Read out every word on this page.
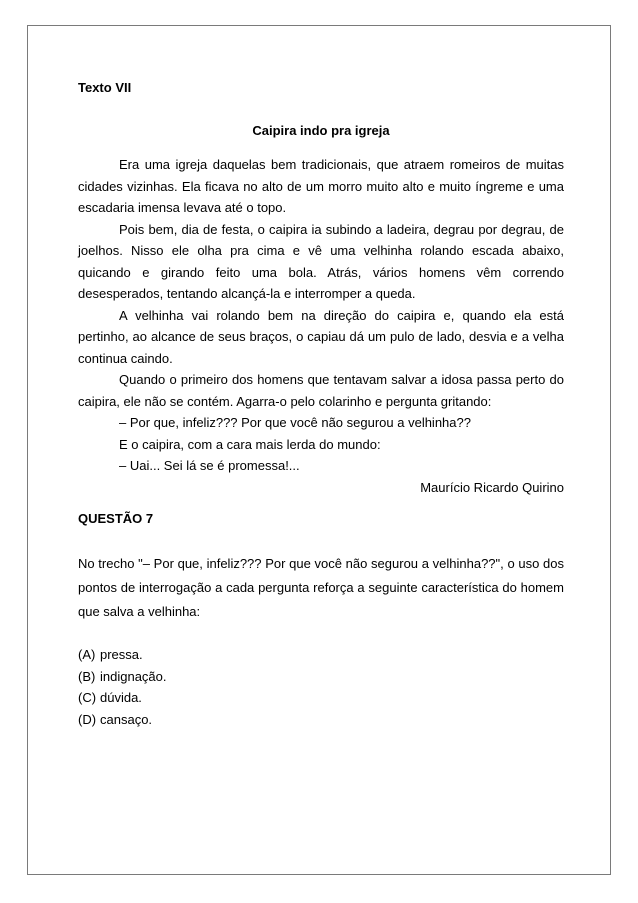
Texto VII
Caipira indo pra igreja

Era uma igreja daquelas bem tradicionais, que atraem romeiros de muitas cidades vizinhas. Ela ficava no alto de um morro muito alto e muito íngreme e uma escadaria imensa levava até o topo.

Pois bem, dia de festa, o caipira ia subindo a ladeira, degrau por degrau, de joelhos. Nisso ele olha pra cima e vê uma velhinha rolando escada abaixo, quicando e girando feito uma bola. Atrás, vários homens vêm correndo desesperados, tentando alcançá-la e interromper a queda.

A velhinha vai rolando bem na direção do caipira e, quando ela está pertinho, ao alcance de seus braços, o capiau dá um pulo de lado, desvia e a velha continua caindo.

Quando o primeiro dos homens que tentavam salvar a idosa passa perto do caipira, ele não se contém. Agarra-o pelo colarinho e pergunta gritando:

– Por que, infeliz??? Por que você não segurou a velhinha??

E o caipira, com a cara mais lerda do mundo:

– Uai... Sei lá se é promessa!...

Maurício Ricardo Quirino
QUESTÃO 7
No trecho "– Por que, infeliz??? Por que você não segurou a velhinha??", o uso dos pontos de interrogação a cada pergunta reforça a seguinte característica do homem que salva a velhinha:
(A) pressa.
(B) indignação.
(C) dúvida.
(D) cansaço.
